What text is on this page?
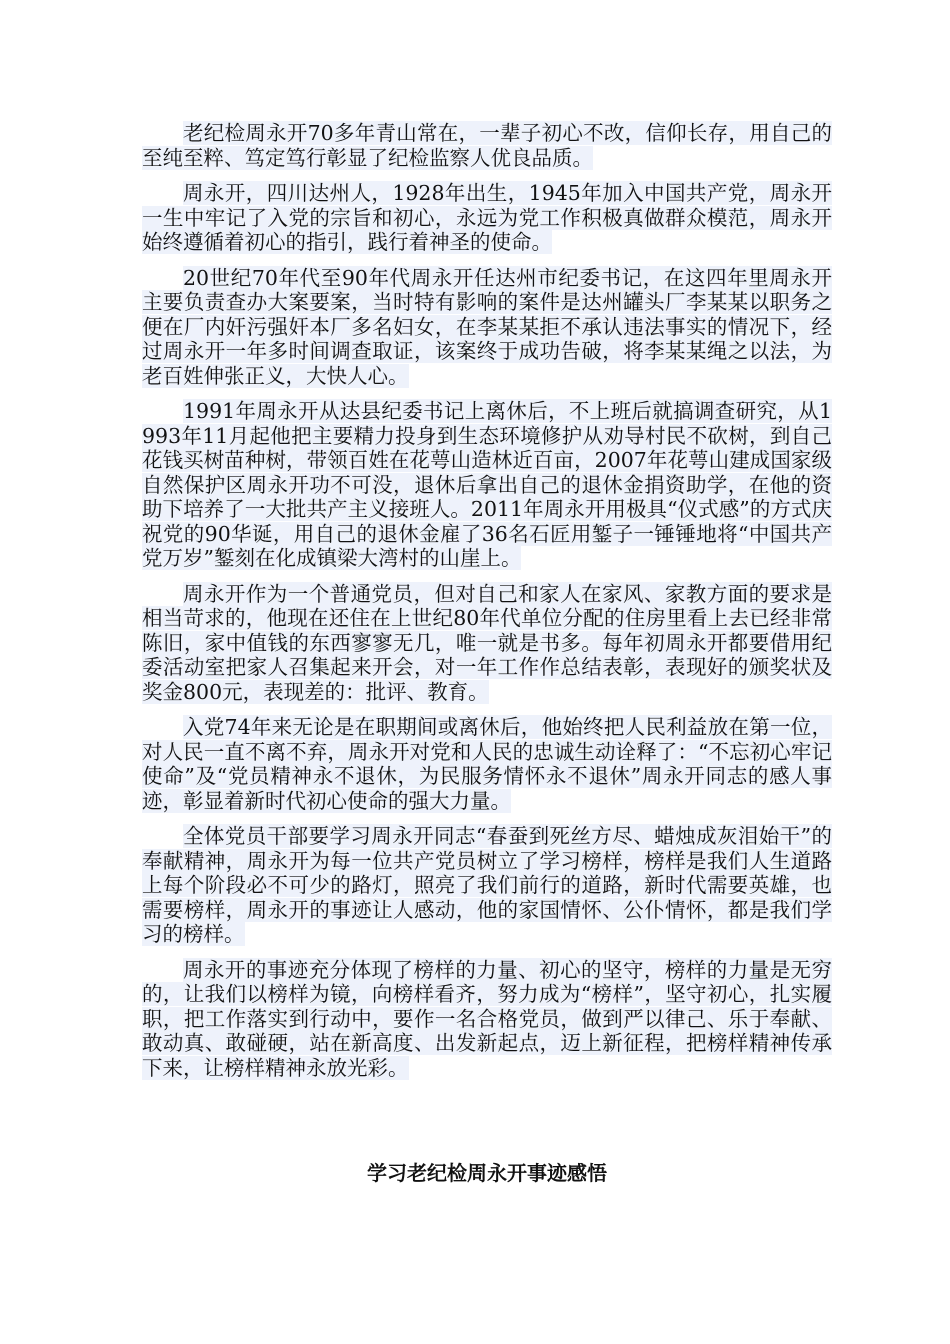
老纪检周永开70多年青山常在，一辈子初心不改，信仰长存，用自己的至纯至粹、笃定笃行彰显了纪检监察人优良品质。

周永开，四川达州人，1928年出生，1945年加入中国共产党，周永开一生中牢记了入党的宗旨和初心，永远为党工作积极真做群众模范，周永开始终遵循着初心的指引，践行着神圣的使命。

20世纪70年代至90年代周永开任达州市纪委书记，在这四年里周永开主要负责查办大案要案，当时特有影响的案件是达州罐头厂李某某以职务之便在厂内奸污强奸本厂多名妇女，在李某某拒不承认违法事实的情况下，经过周永开一年多时间调查取证，该案终于成功告破，将李某某绳之以法，为老百姓伸张正义，大快人心。

1991年周永开从达县纪委书记上离休后，不上班后就搞调查研究，从1993年11月起他把主要精力投身到生态环境修护从劝导村民不砍树，到自己花钱买树苗种树，带领百姓在花萼山造林近百亩，2007年花萼山建成国家级自然保护区周永开功不可没，退休后拿出自己的退休金捐资助学，在他的资助下培养了一大批共产主义接班人。2011年周永开用极具“仪式感”的方式庆祝党的90华诞，用自己的退休金雇了36名石匠用錾子一锤锤地将“中国共产党万岁”錾刻在化成镇梁大湾村的山崖上。

周永开作为一个普通党员，但对自己和家人在家风、家教方面的要求是相当苛求的，他现在还住在上世纪80年代单位分配的住房里看上去已经非常陈旧，家中值钱的东西寥寥无几，唯一就是书多。每年初周永开都要借用纪委活动室把家人召集起来开会，对一年工作作总结表彰，表现好的颁奖状及奖金800元，表现差的：批评、教育。

入党74年来无论是在职期间或离休后，他始终把人民利益放在第一位，对人民一直不离不弃，周永开对党和人民的忠诚生动诠释了：“不忘初心牢记使命”及“党员精神永不退休，为民服务情怀永不退休”周永开同志的感人事迹，彰显着新时代初心使命的强大力量。

全体党员干部要学习周永开同志“春蚕到死丝方尽、蜡烛成灰泪始干”的奉献精神，周永开为每一位共产党员树立了学习榜样，榜样是我们人生道路上每个阶段必不可少的路灯，照亮了我们前行的道路，新时代需要英雄，也需要榜样，周永开的事迹让人感动，他的家国情怀、公仆情怀，都是我们学习的榜样。

周永开的事迹充分体现了榜样的力量、初心的坚守，榜样的力量是无穷的，让我们以榜样为镜，向榜样看齐，努力成为“榜样”，坚守初心，扎实履职，把工作落实到行动中，要作一名合格党员，做到严以律己、乐于奉献、敢动真、敢碰硬，站在新高度、出发新起点，迈上新征程，把榜样精神传承下来，让榜样精神永放光彩。

学习老纪检周永开事迹感悟
